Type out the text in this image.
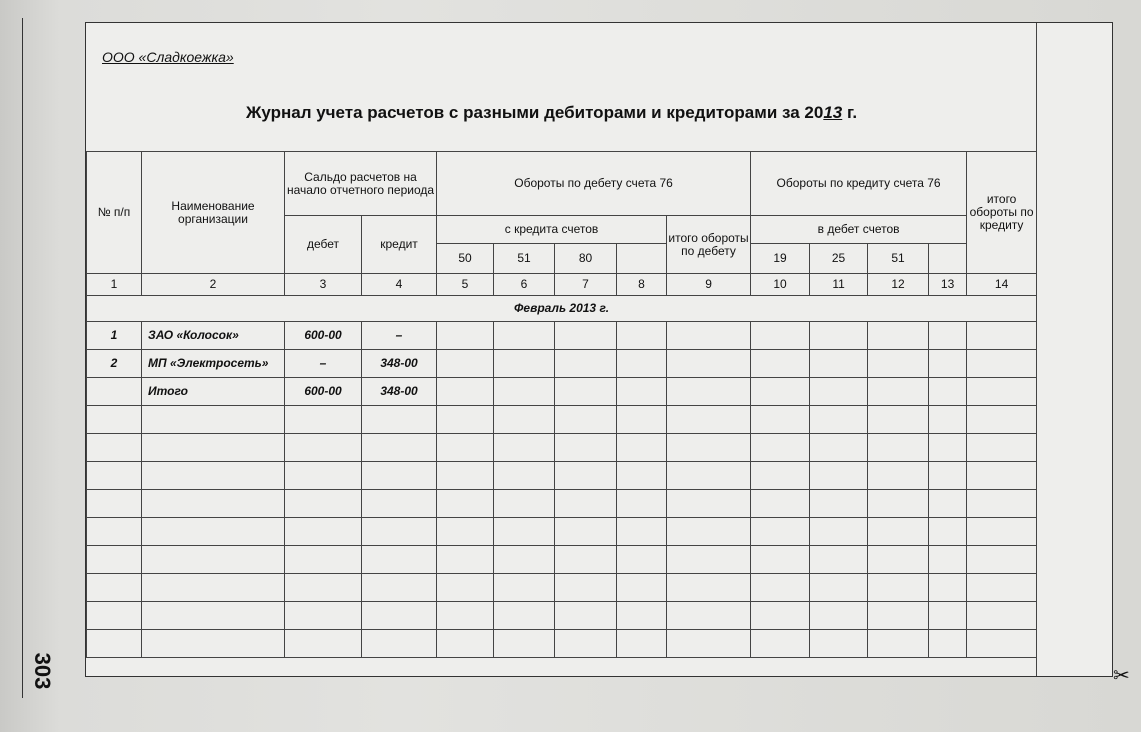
303
ООО «Сладкоежка»
Журнал учета расчетов с разными дебиторами и кредиторами за 2013 г.
№ п/п	Наименование организации	Сальдо расчетов на начало отчетного периода		Обороты по дебету счета 76					Обороты по кредиту счета 76				итого обороты по кредиту
		дебет	кредит	с кредита счетов				итого обороты по дебету	в дебет счетов				
				50	51	80			19	25	51		
1	2	3	4	5	6	7	8	9	10	11	12	13	14
Февраль 2013 г.													
1	ЗАО «Колосок»	600-00	–										
2	МП «Электросеть»	–	348-00										
	Итого	600-00	348-00										

✂
